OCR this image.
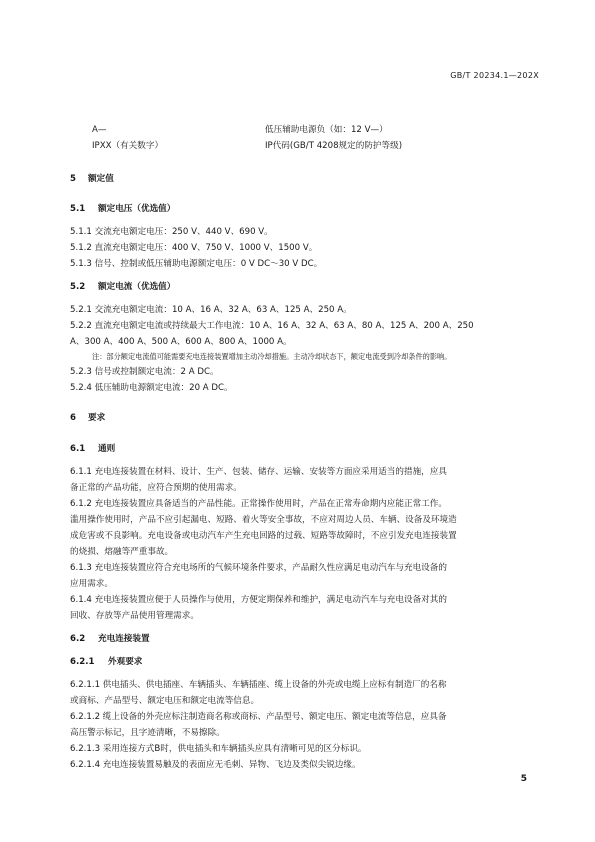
GB/T 20234.1—202X
A—	低压辅助电源负（如：12 V—）
IPXX（有关数字）	IP代码(GB/T 4208规定的防护等级)
5 额定值
5.1 额定电压（优选值）
5.1.1 交流充电额定电压：250 V、440 V、690 V。
5.1.2 直流充电额定电压：400 V、750 V、1000 V、1500 V。
5.1.3 信号、控制或低压辅助电源额定电压：0 V DC～30 V DC。
5.2 额定电流（优选值）
5.2.1 交流充电额定电流：10 A、16 A、32 A、63 A、125 A、250 A。
5.2.2 直流充电额定电流或持续最大工作电流：10 A、16 A、32 A、63 A、80 A、125 A、200 A、250
A、300 A、400 A、500 A、600 A、800 A、1000 A。
注：部分额定电流值可能需要充电连接装置增加主动冷却措施。主动冷却状态下，额定电流受到冷却条件的影响。
5.2.3 信号或控制额定电流：2 A DC。
5.2.4 低压辅助电源额定电流：20 A DC。
6 要求
6.1 通则
6.1.1 充电连接装置在材料、设计、生产、包装、储存、运输、安装等方面应采用适当的措施，应具
备正常的产品功能，应符合预期的使用需求。
6.1.2 充电连接装置应具备适当的产品性能。正常操作使用时，产品在正常寿命期内应能正常工作。
滥用操作使用时，产品不应引起漏电、短路、着火等安全事故，不应对周边人员、车辆、设备及环境造
成危害或不良影响。充电设备或电动汽车产生充电回路的过载、短路等故障时，不应引发充电连接装置
的烧损、熔融等严重事故。
6.1.3 充电连接装置应符合充电场所的气候环境条件要求，产品耐久性应满足电动汽车与充电设备的
应用需求。
6.1.4 充电连接装置应便于人员操作与使用，方便定期保养和维护，满足电动汽车与充电设备对其的
回收、存放等产品使用管理需求。
6.2 充电连接装置
6.2.1 外观要求
6.2.1.1 供电插头、供电插座、车辆插头、车辆插座、缆上设备的外壳或电缆上应标有制造厂的名称
或商标、产品型号、额定电压和额定电流等信息。
6.2.1.2 缆上设备的外壳应标注制造商名称或商标、产品型号、额定电压、额定电流等信息，应具备
高压警示标记，且字迹清晰，不易擦除。
6.2.1.3 采用连接方式B时，供电插头和车辆插头应具有清晰可见的区分标识。
6.2.1.4 充电连接装置易触及的表面应无毛刺、异物、飞边及类似尖锐边缘。
5
